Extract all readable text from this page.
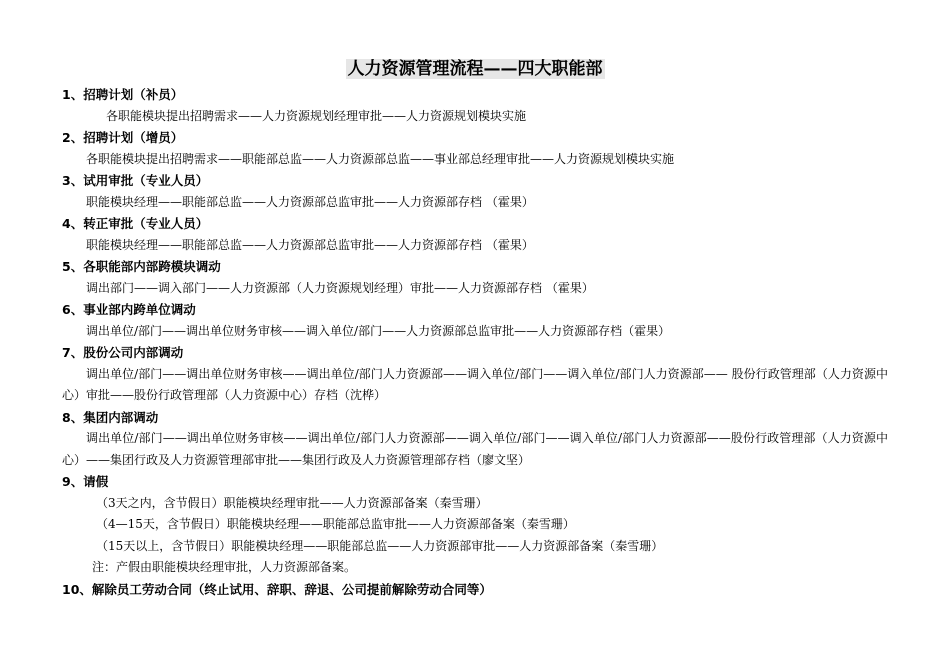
人力资源管理流程——四大职能部
1、招聘计划（补员）
各职能模块提出招聘需求——人力资源规划经理审批——人力资源规划模块实施
2、招聘计划（增员）
各职能模块提出招聘需求——职能部总监——人力资源部总监——事业部总经理审批——人力资源规划模块实施
3、试用审批（专业人员）
职能模块经理——职能部总监——人力资源部总监审批——人力资源部存档 （霍果）
4、转正审批（专业人员）
职能模块经理——职能部总监——人力资源部总监审批——人力资源部存档 （霍果）
5、各职能部内部跨模块调动
调出部门——调入部门——人力资源部（人力资源规划经理）审批——人力资源部存档 （霍果）
6、事业部内跨单位调动
调出单位/部门——调出单位财务审核——调入单位/部门——人力资源部总监审批——人力资源部存档（霍果）
7、股份公司内部调动
调出单位/部门——调出单位财务审核——调出单位/部门人力资源部——调入单位/部门——调入单位/部门人力资源部—— 股份行政管理部（人力资源中心）审批——股份行政管理部（人力资源中心）存档（沈桦）
8、集团内部调动
调出单位/部门——调出单位财务审核——调出单位/部门人力资源部——调入单位/部门——调入单位/部门人力资源部——股份行政管理部（人力资源中心）——集团行政及人力资源管理部审批——集团行政及人力资源管理部存档（廖文坚）
9、请假
（3天之内，含节假日）职能模块经理审批——人力资源部备案（秦雪珊）
（4—15天，含节假日）职能模块经理——职能部总监审批——人力资源部备案（秦雪珊）
（15天以上，含节假日）职能模块经理——职能部总监——人力资源部审批——人力资源部备案（秦雪珊）
注：产假由职能模块经理审批，人力资源部备案。
10、解除员工劳动合同（终止试用、辞职、辞退、公司提前解除劳动合同等）
